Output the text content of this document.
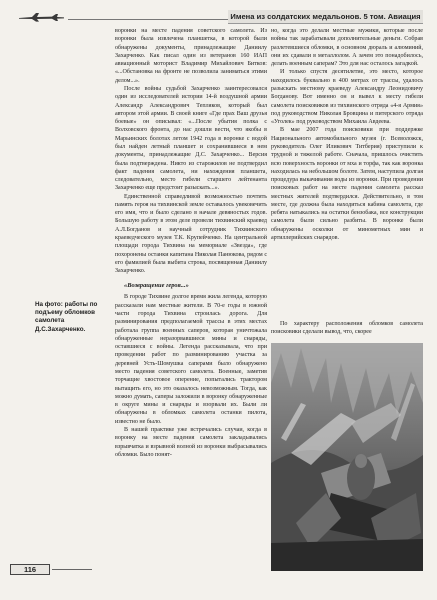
Имена из солдатских медальонов. 5 том. Авиация

воронки на месте падения советского самолета. Из воронки была извлечена планшетка, в которой были обнаружены документы, принадлежащие Даниилу Захарченко. Как писал один из ветеранов 160 ИАП авиационный моторист Владимир Михайлович Битков: «...Обстановка на фронте не позволила заниматься этими делом...».

После войны судьбой Захарченко заинтересовался один из исследователей истории 14-й воздушной армии Александр Александрович Тепляков, который был автором этой армии. В своей книге «Где прах Ваш друзья боевые» он описывал: «...После убытия полка с Волховского фронта, до нас дошли вести, что якобы в Марьинских болотах летом 1942 года в воронке с водой был найден летный планшет и сохранившиеся в нем документы, принадлежащие Д.С. Захарченко... Версия была подтверждена. Никто из старожилов не подтвердил факт падения самолета, ни нахождения планшета, следовательно, место гибели старшего лейтенанта Захарченко еще предстоит разыскать...».

Единственной справедливой возможностью почтить память героя на тихвинской земле оставалось увековечить его имя, что и было сделано в начале девяностых годов. Большую работу в этом деле провели тихвинский краевед А.Л.Богданов и научный сотрудник Тихвинского краеведческого музея Т.К. Крупейченко. На центральной площади города Тихвина на мемориале «Звезда», где похоронены останки капитана Николая Панюкова, рядом с его фамилией была выбита строка, посвященная Даниилу Захарченко.

«Возвращение героя...»

В городе Тихвине долгое время жила легенда, которую рассказали нам местные жители. В 70-е годы в южной части города Тихвина строилась дорога. Для разминирования предполагаемой трассы в этих местах работала группа военных саперов, которая уничтожала обнаруженные неразорвавшиеся мины и снаряды, оставшиеся с войны. Легенда рассказывала, что при проведении работ по разминированию участка за деревней Усть-Шомушка саперами было обнаружено место падения советского самолета. Военные, заметив торчащие хвостовое оперение, попытались трактором вытащить его, но это оказалось невозможным. Тогда, как можно думать, саперы заложили в воронку обнаруженные в округе мины и снаряды и взорвали их. Были ли обнаружены в обломках самолета останки пилота, известно не было.

В нашей практике уже встречались случаи, когда в воронку на месте падения самолета закладывались взрывчатка и взрывной волной из воронки выбрасывались обломки. Было понят-

но, когда это делали местные мужики, которые после войны так зарабатывали дополнительные деньги. Собрав разлетевшиеся обломки, в основном дюраль и алюминий, они их сдавали в металлолом. А зачем это понадобилось, делать военным саперам? Это для нас осталось загадкой.

И только спустя десятилетие, это место, которое находилось буквально в 400 метрах от трассы, удалось разыскать местному краеведу Александру Леонидовичу Богданову. Вот именно он и вывел к месту гибели самолета поисковиков из тихвинского отряда «4-я Армия» под руководством Николая Бровцина и питерского отряда «Уголек» под руководством Михаила Авдеева.

В мае 2007 года поисковики при поддержке Национального автомобильного музея (г. Всеволожск, руководитель Олег Иликович Титберия) приступили к трудной и тяжелой работе. Сначала, пришлось очистить всю поверхность воронки от мха и торфа, так как воронка находилась на небольшом болоте. Затем, наступила долгая процедура выкачивания воды из воронки. При проведении поисковых работ на месте падения самолета рассказ местных жителей подтвердился. Действительно, в том месте, где должна была находиться кабина самолета, где ребята натыкались на остатки бензобака, все конструкции самолета были сильно разбиты. В воронке были обнаружены осколки от минометных мин и артиллерийских снарядов.

По характеру расположения обломков самолета поисковики сделали вывод, что, скорее

На фото: работы по подъему обломков самолета Д.С.Захарченко.
116
